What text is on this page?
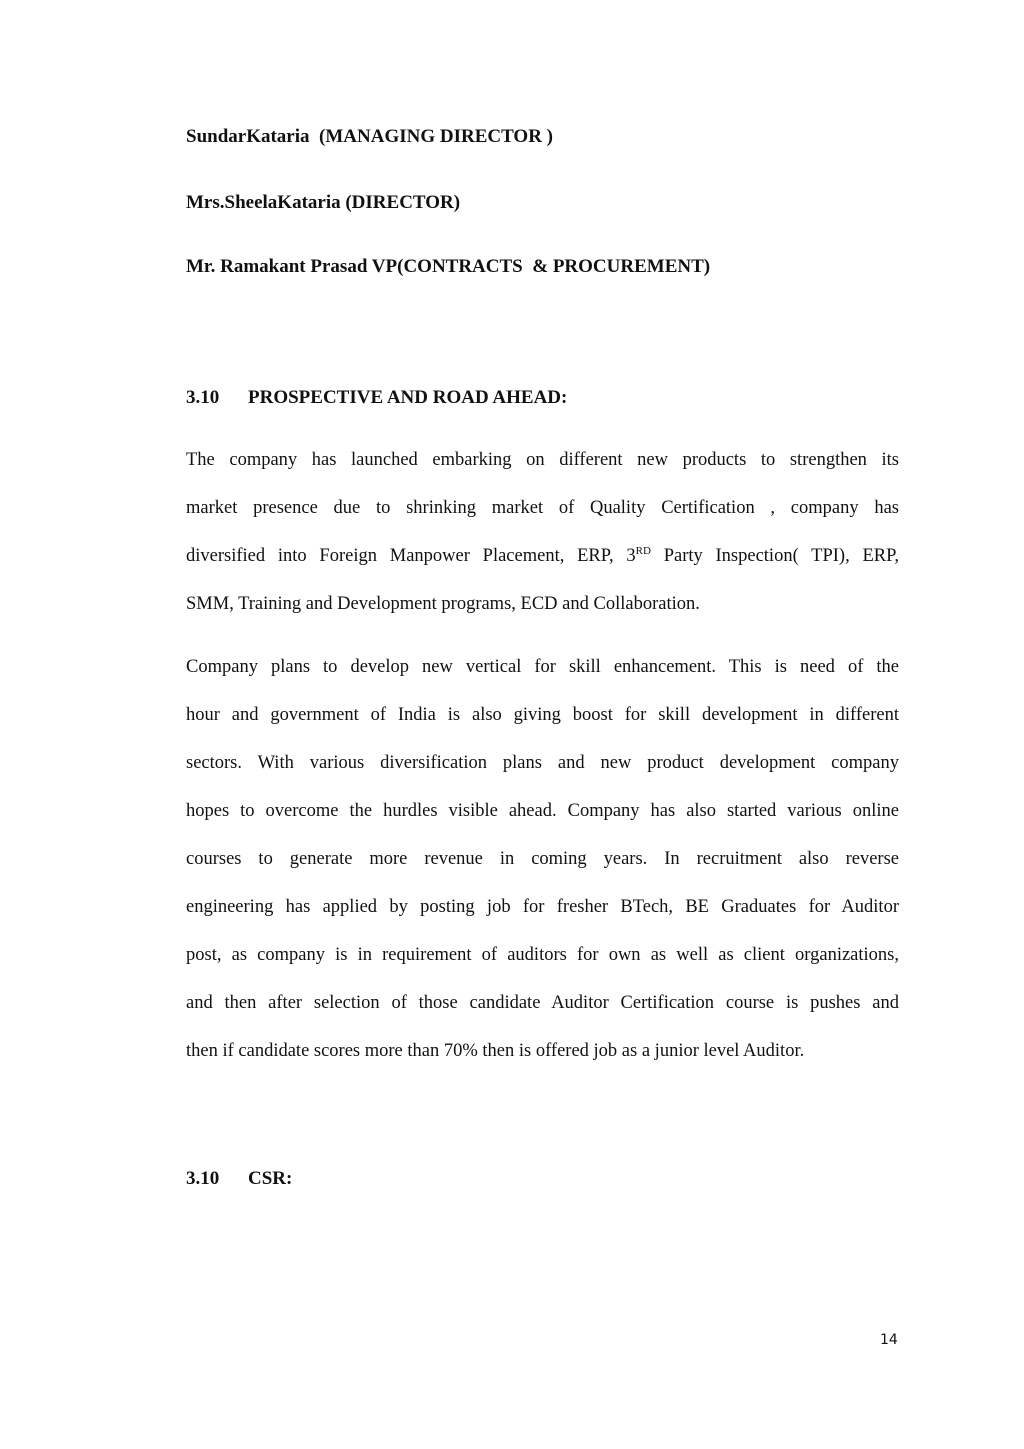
SundarKataria  (MANAGING DIRECTOR )
Mrs.SheelaKataria (DIRECTOR)
Mr. Ramakant Prasad VP(CONTRACTS  & PROCUREMENT)
3.10 PROSPECTIVE AND ROAD AHEAD:
The company has launched embarking on different new products to strengthen its
market presence due to shrinking market of Quality Certification , company has
diversified into Foreign Manpower Placement, ERP, 3RD Party Inspection( TPI), ERP,
SMM, Training and Development programs, ECD and Collaboration.
Company plans to develop new vertical for skill enhancement. This is need of the
hour and government of India is also giving boost for skill development in different
sectors. With various diversification plans and new product development company
hopes to overcome the hurdles visible ahead. Company has also started various online
courses to generate more revenue in coming years. In recruitment also reverse
engineering has applied by posting job for fresher BTech, BE Graduates for Auditor
post, as company is in requirement of auditors for own as well as client organizations,
and then after selection of those candidate Auditor Certification course is pushes and
then if candidate scores more than 70% then is offered job as a junior level Auditor.
3.10 CSR:
14
